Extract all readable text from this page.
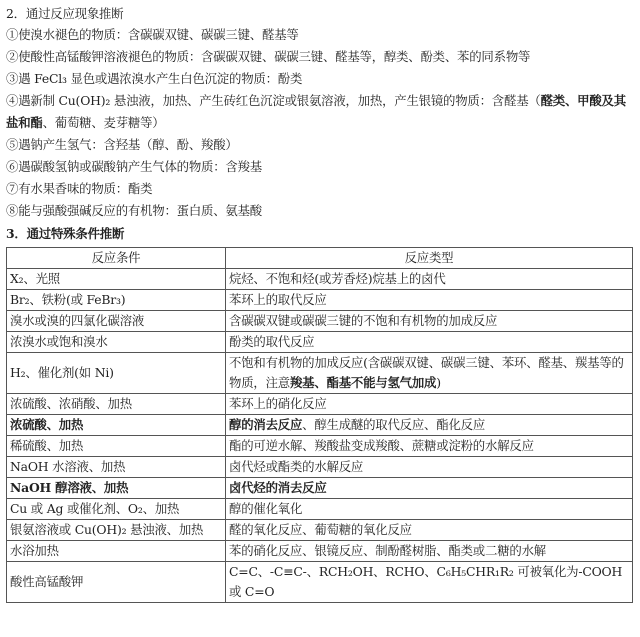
2．通过反应现象推断
①使溴水褪色的物质：含碳碳双键、碳碳三键、醛基等
②使酸性高锰酸钾溶液褪色的物质：含碳碳双键、碳碳三键、醛基等，醇类、酚类、苯的同系物等
③遇 FeCl₃ 显色或遇浓溴水产生白色沉淀的物质：酚类
④遇新制 Cu(OH)₂ 悬浊液，加热、产生砖红色沉淀或银氨溶液，加热，产生银镜的物质：含醛基（醛类、甲酸及其盐和酯、葡萄糖、麦芽糖等）
⑤遇钠产生氢气：含羟基（醇、酚、羧酸）
⑥遇碳酸氢钠或碳酸钠产生气体的物质：含羧基
⑦有水果香味的物质：酯类
⑧能与强酸强碱反应的有机物：蛋白质、氨基酸
3．通过特殊条件推断
反应条件	反应类型
X₂、光照	烷烃、不饱和烃(或芳香烃)烷基上的卤代
Br₂、铁粉(或 FeBr₃)	苯环上的取代反应
溴水或溴的四氯化碳溶液	含碳碳双键或碳碳三键的不饱和有机物的加成反应
浓溴水或饱和溴水	酚类的取代反应
H₂、催化剂(如 Ni)	不饱和有机物的加成反应(含碳碳双键、碳碳三键、苯环、醛基、羰基等的物质，注意羧基、酯基不能与氢气加成)
浓硫酸、浓硝酸、加热	苯环上的硝化反应
浓硫酸、加热	醇的消去反应、醇生成醚的取代反应、酯化反应
稀硫酸、加热	酯的可逆水解、羧酸盐变成羧酸、蔗糖或淀粉的水解反应
NaOH 水溶液、加热	卤代烃或酯类的水解反应
NaOH 醇溶液、加热	卤代烃的消去反应
Cu 或 Ag 或催化剂、O₂、加热	醇的催化氧化
银氨溶液或 Cu(OH)₂ 悬浊液、加热	醛的氧化反应、葡萄糖的氧化反应
水浴加热	苯的硝化反应、银镜反应、制酚醛树脂、酯类或二糖的水解
酸性高锰酸钾	C=C、-C≡C-、RCH₂OH、RCHO、C₆H₅CHR₁R₂ 可被氧化为-COOH 或 C=O
